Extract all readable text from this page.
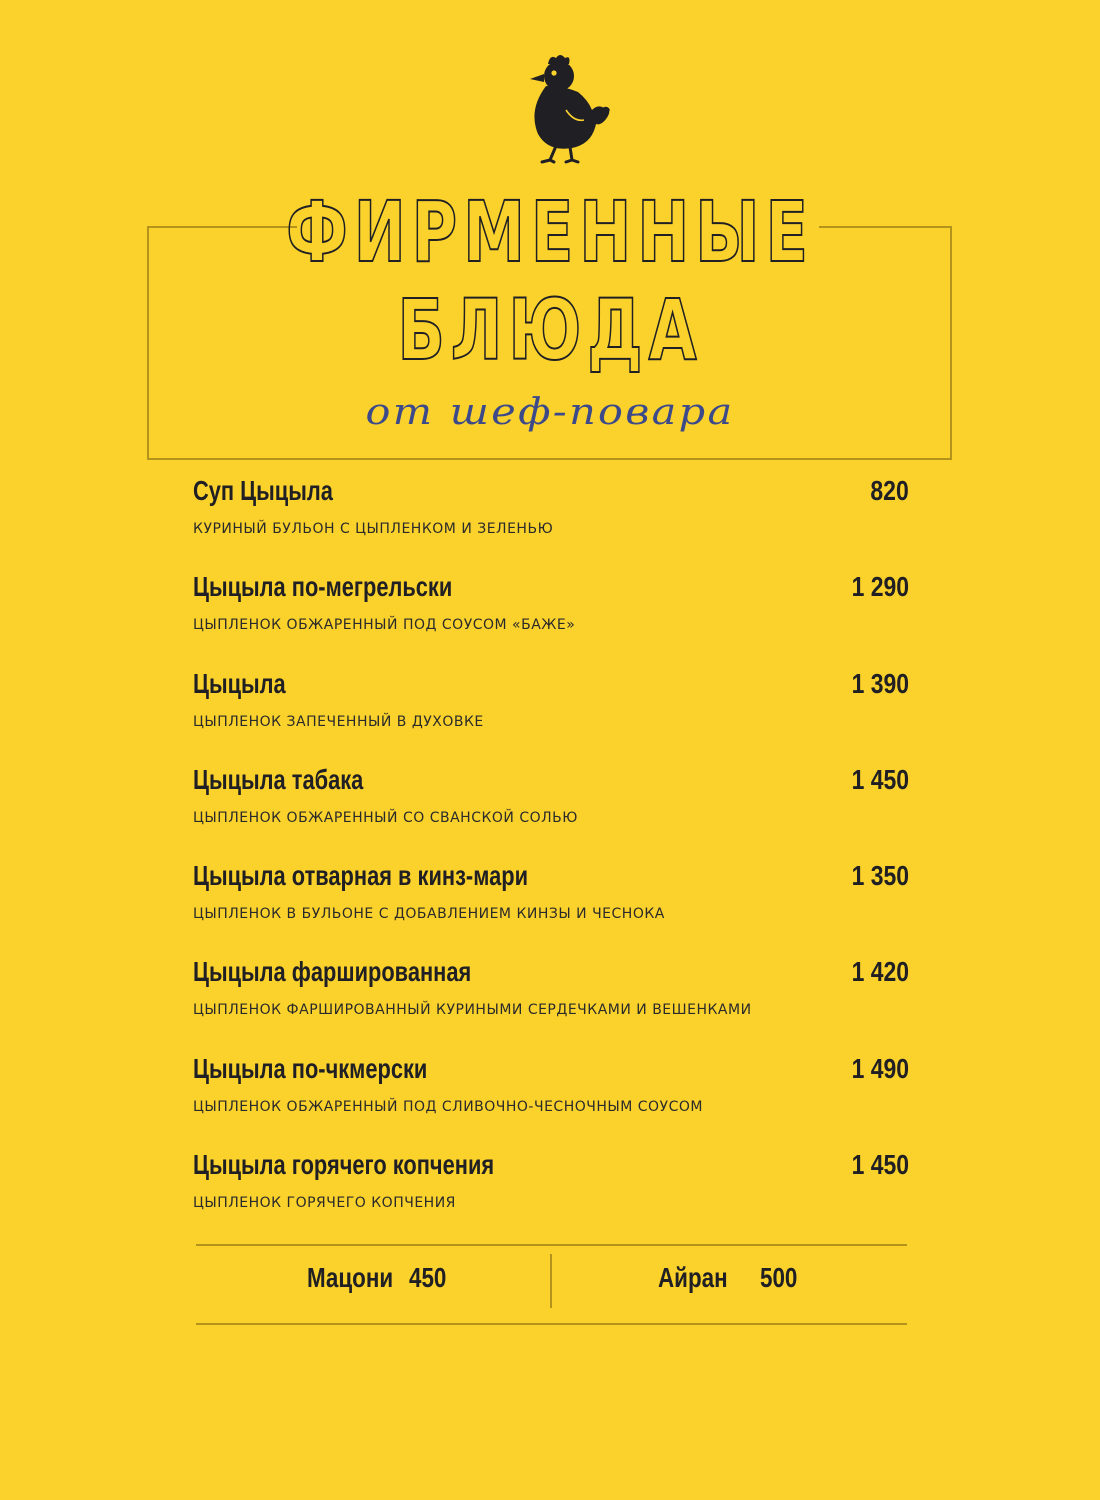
ФИРМЕННЫЕ
БЛЮДА
от шеф-повара
Суп Цыцыла	820
КУРИНЫЙ БУЛЬОН С ЦЫПЛЕНКОМ И ЗЕЛЕНЬЮ
Цыцыла по-мегрельски	1 290
ЦЫПЛЕНОК ОБЖАРЕННЫЙ ПОД СОУСОМ «БАЖЕ»
Цыцыла	1 390
ЦЫПЛЕНОК ЗАПЕЧЕННЫЙ В ДУХОВКЕ
Цыцыла табака	1 450
ЦЫПЛЕНОК ОБЖАРЕННЫЙ СО СВАНСКОЙ СОЛЬЮ
Цыцыла отварная в кинз-мари	1 350
ЦЫПЛЕНОК В БУЛЬОНЕ С ДОБАВЛЕНИЕМ КИНЗЫ И ЧЕСНОКА
Цыцыла фаршированная	1 420
ЦЫПЛЕНОК ФАРШИРОВАННЫЙ КУРИНЫМИ СЕРДЕЧКАМИ И ВЕШЕНКАМИ
Цыцыла по-чкмерски	1 490
ЦЫПЛЕНОК ОБЖАРЕННЫЙ ПОД СЛИВОЧНО-ЧЕСНОЧНЫМ СОУСОМ
Цыцыла горячего копчения	1 450
ЦЫПЛЕНОК ГОРЯЧЕГО КОПЧЕНИЯ
Мацони 450	Айран 500
